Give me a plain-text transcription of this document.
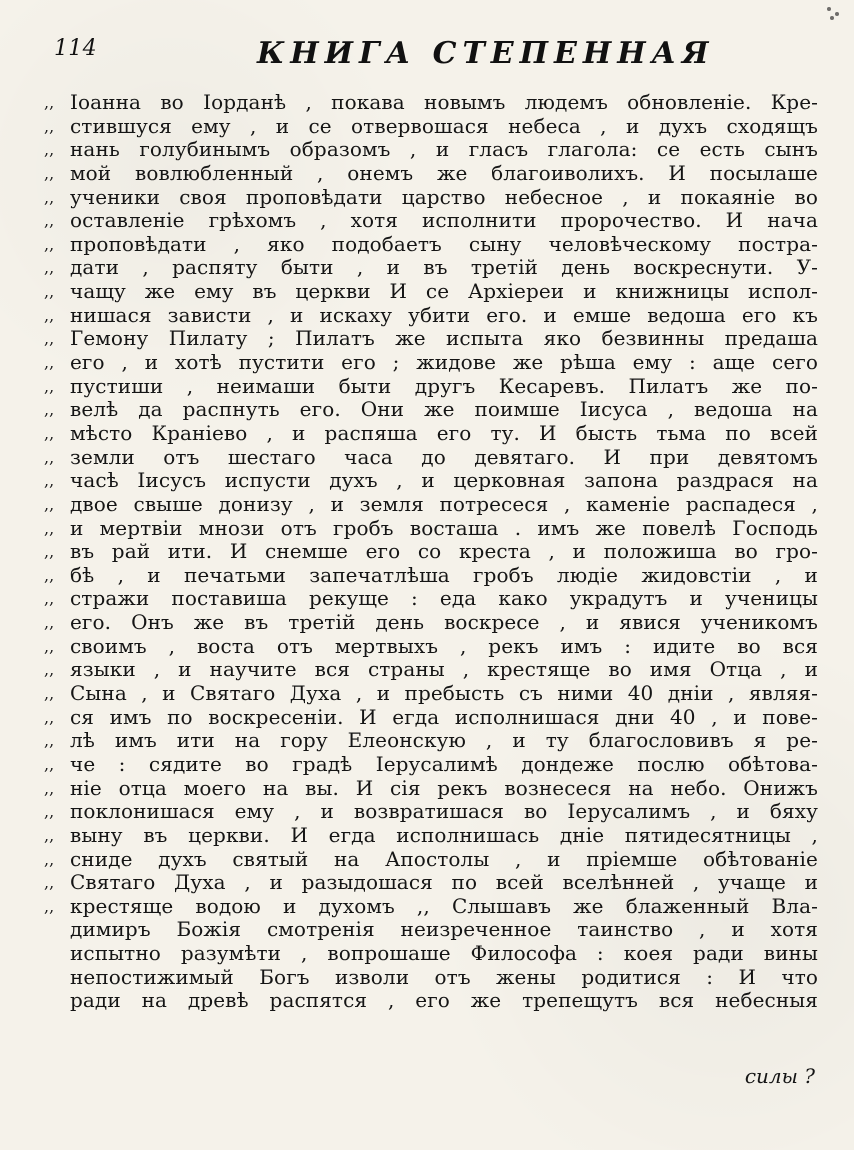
114	КНИГА СТЕПЕННАЯ
,, Іоанна во Іорданѣ , покава новымъ людемъ обновленіе. Кре-
,, стившуся ему , и се отвервошася небеса , и духъ сходящъ
,, нань голубинымъ образомъ , и гласъ глагола: се есть сынъ
,, мой вовлюбленный , онемъ же благоиволихъ. И посылаше
,, ученики своя проповѣдати царство небесное , и покаяніе во
,, оставленіе грѣхомъ , хотя исполнити пророчество. И нача
,, проповѣдати , яко подобаетъ сыну человѣческому пострa-
,, дати , распяту быти , и въ третій день воскреснути. У-
,, чащу же ему въ церкви И се Архіереи и книжницы испол-
,, нишася зависти , и искаху убити его. и емше ведоша его къ
,, Гемону Пилату ; Пилатъ же испыта яко безвинны предаша
,, его , и хотѣ пустити его ; жидове же рѣша ему : аще сего
,, пустиши , неимаши быти другъ Кесаревъ. Пилатъ же по-
,, велѣ да распнуть его. Они же поимше Іисуса , ведоша на
,, мѣсто Краніево , и распяша его ту. И бысть тьма по всей
,, земли отъ шестаго часа до девятаго. И при девятомъ
,, часѣ Іисусъ испусти духъ , и церковная запона раздрася на
,, двое свыше донизу , и земля потресеся , каменіе распадеся ,
,, и мертвіи мнози отъ гробъ восташа . имъ же повелѣ Господь
,, въ рай ити. И снемше его со креста , и положиша во гро-
,, бѣ , и печатьми запечатлѣша гробъ людіе жидовстіи , и
,, стражи поставиша рекуще : еда како украдутъ и ученицы
,, его. Онъ же въ третій день воскресе , и явися ученикомъ
,, своимъ , воста отъ мертвыхъ , рекъ имъ : идите во вся
,, языки , и научите вся страны , крестяще во имя Отца , и
,, Сына , и Святаго Духа , и пребысть съ ними 40 дніи , являя-
,, ся имъ по воскресеніи. И егда исполнишася дни 40 , и пове-
,, лѣ имъ ити на гору Елеонскую , и ту благословивъ я ре-
,, че : сядите во градѣ Іерусалимѣ дондеже послю обѣтова-
,, ніе отца моего на вы. И сія рекъ вознесеся на небо. Онижъ
,, поклонишася ему , и возвратишася во Іерусалимъ , и бяху
,, выну въ церкви. И егда исполнишась дніе пятидесятницы ,
,, сниде духъ святый на Апостолы , и пріемше обѣтованіе
,, Святаго Духа , и разыдошася по всей вселѣнней , учаще и
,, крестяще водою и духомъ ,, Слышавъ же блаженный Вла-
димиръ Божія смотренія неизреченное таинство , и хотя
испытно разумѣти , вопрошаше Философа : коея ради вины
непостижимый Богъ изволи отъ жены родитися : И что
ради на древѣ распятся , его же трепещутъ вся небесныя
силы ?
